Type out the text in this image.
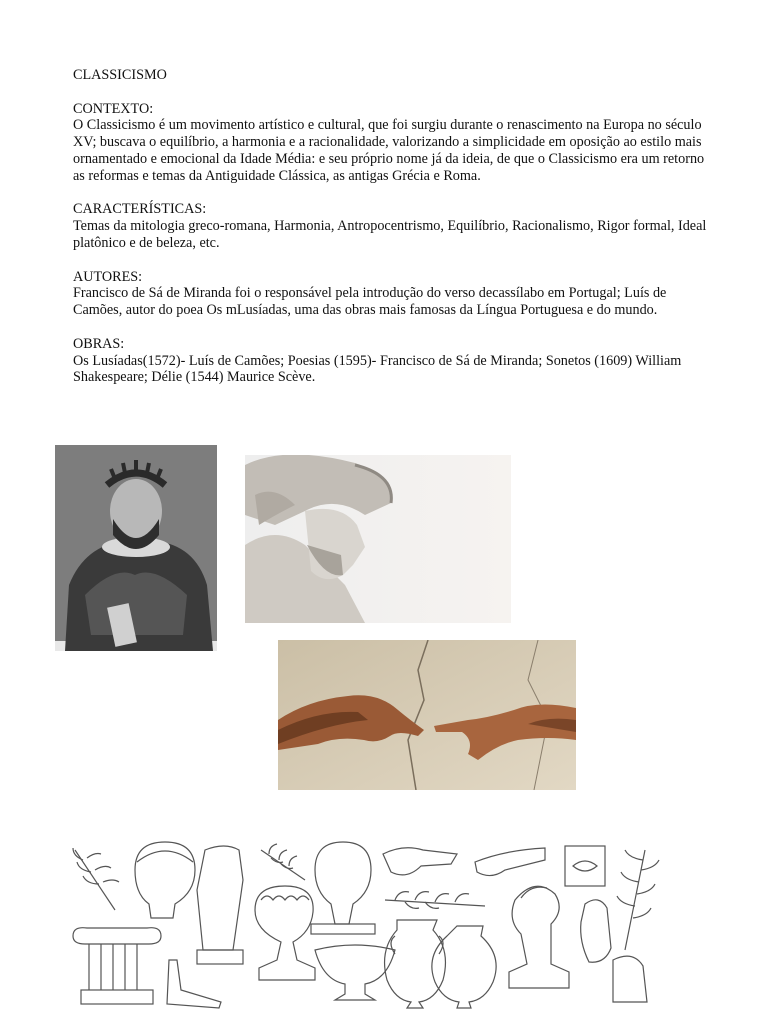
CLASSICISMO

CONTEXTO:

O Classicismo é um movimento artístico e cultural, que foi surgiu durante o renascimento na Europa no século XV; buscava o equilíbrio, a harmonia e a racionalidade, valorizando a simplicidade em oposição ao estilo mais ornamentado e emocional da Idade Média: e seu próprio nome já da ideia, de que o Classicismo era um retorno as reformas e temas da Antiguidade Clássica, as antigas Grécia e Roma.

CARACTERÍSTICAS:

Temas da mitologia greco-romana, Harmonia, Antropocentrismo, Equilíbrio, Racionalismo, Rigor formal, Ideal platônico e de beleza, etc.

AUTORES:

Francisco de Sá de Miranda foi o responsável pela introdução do verso decassílabo em Portugal; Luís de Camões, autor do poea Os mLusíadas, uma das obras mais famosas da Língua Portuguesa e do mundo.

OBRAS:

Os Lusíadas(1572)- Luís de Camões; Poesias (1595)- Francisco de Sá de Miranda; Sonetos (1609) William Shakespeare; Délie (1544) Maurice Scève.
